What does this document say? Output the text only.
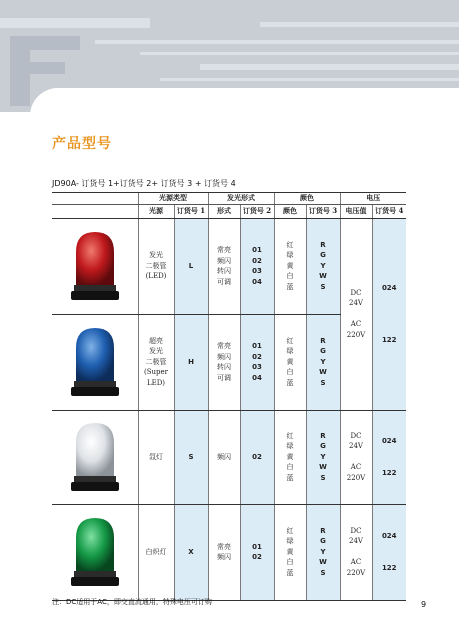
产品型号
JD90A- 订货号 1+订货号 2+ 订货号 3 + 订货号 4
	光源类型		发光形式		颜色		电压	
	光源	订货号 1	形式	订货号 2	颜色	订货号 3	电压值	订货号 4

发光
二极管
(LED)	L	常亮
频闪
转闪
可调	01
02
03
04	红
绿
黄
白
蓝	R
G
Y
W
S	DC
24V

AC
220V	024

122

超亮
发光
二极管
(Super
LED)	H	常亮
频闪
转闪
可调	01
02
03
04	红
绿
黄
白
蓝	R
G
Y
W
S		

氙灯	S	频闪	02	红
绿
黄
白
蓝	R
G
Y
W
S	DC
24V

AC
220V	024

122

白炽灯	X	常亮
频闪	01
02	红
绿
黄
白
蓝	R
G
Y
W
S	DC
24V

AC
220V	024

122
注：DC适用于AC，即交直流通用，特殊电压可订购	9
